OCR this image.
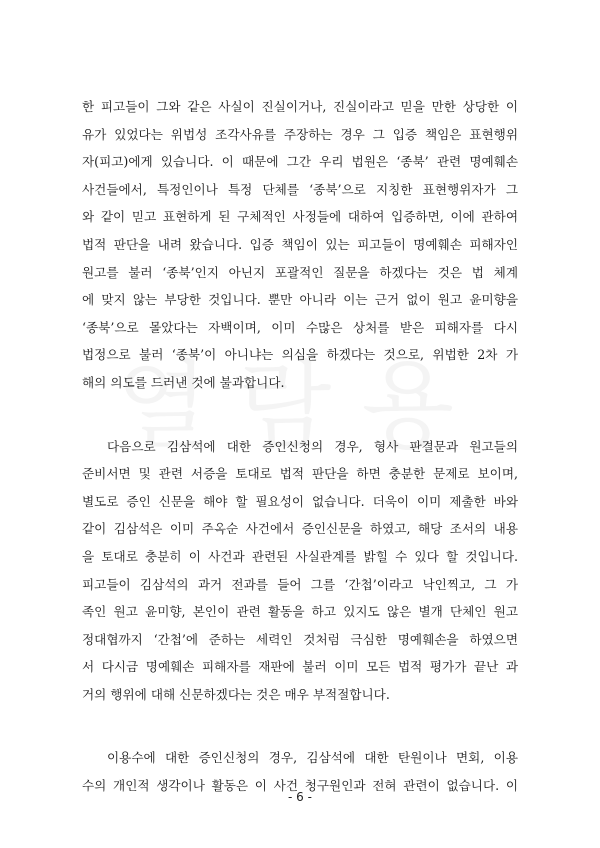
한 피고들이 그와 같은 사실이 진실이거나, 진실이라고 믿을 만한 상당한 이
유가 있었다는 위법성 조각사유를 주장하는 경우 그 입증 책임은 표현행위
자(피고)에게 있습니다. 이 때문에 그간 우리 법원은 ‘종북’ 관련 명예훼손
사건들에서, 특정인이나 특정 단체를 ‘종북’으로 지칭한 표현행위자가 그
와 같이 믿고 표현하게 된 구체적인 사정들에 대하여 입증하면, 이에 관하여
법적 판단을 내려 왔습니다. 입증 책임이 있는 피고들이 명예훼손 피해자인
원고를 불러 ‘종북’인지 아닌지 포괄적인 질문을 하겠다는 것은 법 체계
에 맞지 않는 부당한 것입니다. 뿐만 아니라 이는 근거 없이 원고 윤미향을
‘종북’으로 몰았다는 자백이며, 이미 수많은 상처를 받은 피해자를 다시
법정으로 불러 ‘종북’이 아니냐는 의심을 하겠다는 것으로, 위법한 2차 가
해의 의도를 드러낸 것에 불과합니다.
다음으로 김삼석에 대한 증인신청의 경우, 형사 판결문과 원고들의
준비서면 및 관련 서증을 토대로 법적 판단을 하면 충분한 문제로 보이며,
별도로 증인 신문을 해야 할 필요성이 없습니다. 더욱이 이미 제출한 바와
같이 김삼석은 이미 주옥순 사건에서 증인신문을 하였고, 해당 조서의 내용
을 토대로 충분히 이 사건과 관련된 사실관계를 밝힐 수 있다 할 것입니다.
피고들이 김삼석의 과거 전과를 들어 그를 ‘간첩’이라고 낙인찍고, 그 가
족인 원고 윤미향, 본인이 관련 활동을 하고 있지도 않은 별개 단체인 원고
정대협까지 ‘간첩’에 준하는 세력인 것처럼 극심한 명예훼손을 하였으면
서 다시금 명예훼손 피해자를 재판에 불러 이미 모든 법적 평가가 끝난 과
거의 행위에 대해 신문하겠다는 것은 매우 부적절합니다.
이용수에 대한 증인신청의 경우, 김삼석에 대한 탄원이나 면회, 이용
수의 개인적 생각이나 활동은 이 사건 청구원인과 전혀 관련이 없습니다. 이
- 6 -
